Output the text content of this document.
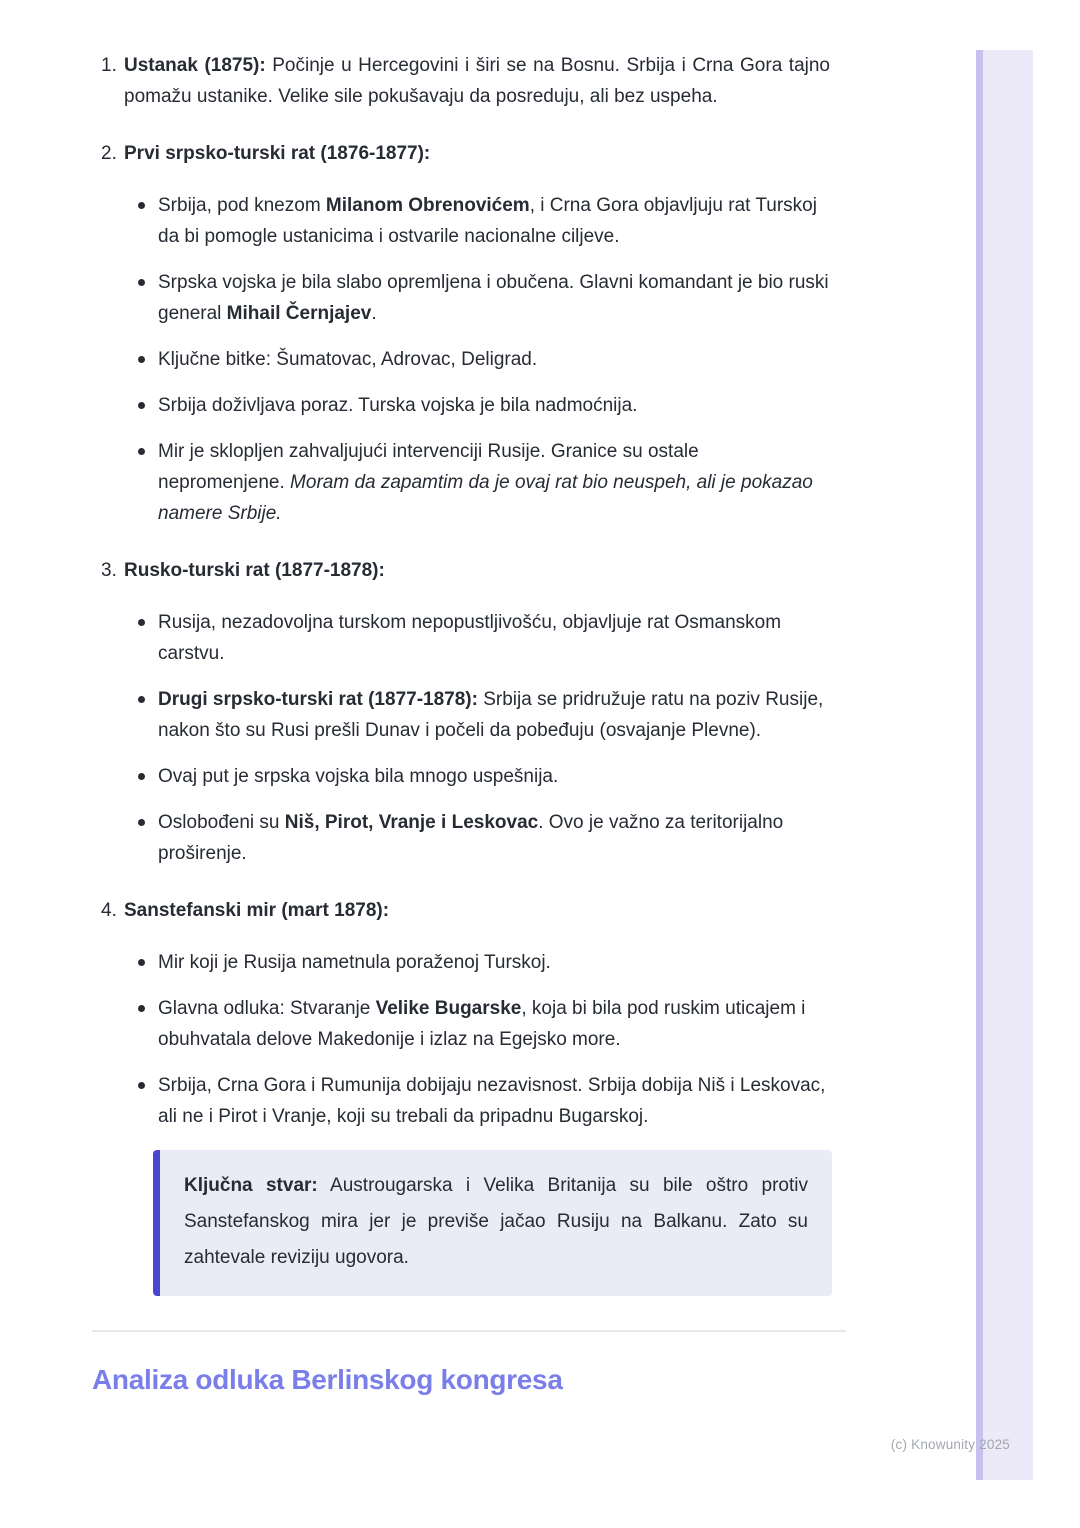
1. Ustanak (1875): Počinje u Hercegovini i širi se na Bosnu. Srbija i Crna Gora tajno pomažu ustanike. Velike sile pokušavaju da posreduju, ali bez uspeha.
2. Prvi srpsko-turski rat (1876-1877):
Srbija, pod knezom Milanom Obrenovićem, i Crna Gora objavljuju rat Turskoj da bi pomogle ustanicima i ostvarile nacionalne ciljeve.
Srpska vojska je bila slabo opremljena i obučena. Glavni komandant je bio ruski general Mihail Černjajev.
Ključne bitke: Šumatovac, Adrovac, Deligrad.
Srbija doživljava poraz. Turska vojska je bila nadmoćnija.
Mir je sklopljen zahvaljujući intervenciji Rusije. Granice su ostale nepromenjene. Moram da zapamtim da je ovaj rat bio neuspeh, ali je pokazao namere Srbije.
3. Rusko-turski rat (1877-1878):
Rusija, nezadovoljna turskom nepopustljivošću, objavljuje rat Osmanskom carstvu.
Drugi srpsko-turski rat (1877-1878): Srbija se pridružuje ratu na poziv Rusije, nakon što su Rusi prešli Dunav i počeli da pobeđuju (osvajanje Plevne).
Ovaj put je srpska vojska bila mnogo uspešnija.
Oslobođeni su Niš, Pirot, Vranje i Leskovac. Ovo je važno za teritorijalno proširenje.
4. Sanstefanski mir (mart 1878):
Mir koji je Rusija nametnula poraženoj Turskoj.
Glavna odluka: Stvaranje Velike Bugarske, koja bi bila pod ruskim uticajem i obuhvatala delove Makedonije i izlaz na Egejsko more.
Srbija, Crna Gora i Rumunija dobijaju nezavisnost. Srbija dobija Niš i Leskovac, ali ne i Pirot i Vranje, koji su trebali da pripadnu Bugarskoj.
Ključna stvar: Austrougarska i Velika Britanija su bile oštro protiv Sanstefanskog mira jer je previše jačao Rusiju na Balkanu. Zato su zahtevale reviziju ugovora.
Analiza odluka Berlinskog kongresa
(c) Knowunity 2025
